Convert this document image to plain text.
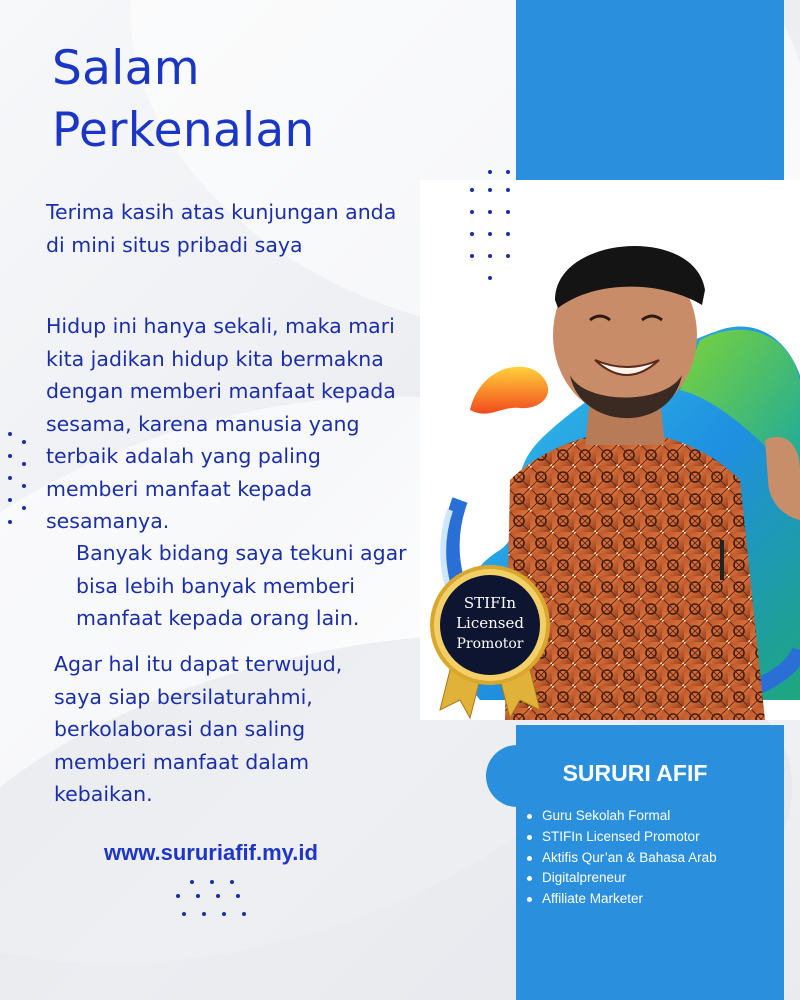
STIFIn
Licensed
Promotor
SURURI AFIF
Guru Sekolah Formal
STIFIn Licensed Promotor
Aktifis Qur’an & Bahasa Arab
Digitalpreneur
Affiliate Marketer
Salam
Perkenalan

Terima kasih atas kunjungan anda
di mini situs pribadi saya

Hidup ini hanya sekali, maka mari
kita jadikan hidup kita bermakna
dengan memberi manfaat kepada
sesama, karena manusia yang
terbaik adalah yang paling
memberi manfaat kepada
sesamanya.

Banyak bidang saya tekuni agar
bisa lebih banyak memberi
manfaat kepada orang lain.

Agar hal itu dapat terwujud,
saya siap bersilaturahmi,
berkolaborasi dan saling
memberi manfaat dalam
kebaikan.

www.sururiafif.my.id
